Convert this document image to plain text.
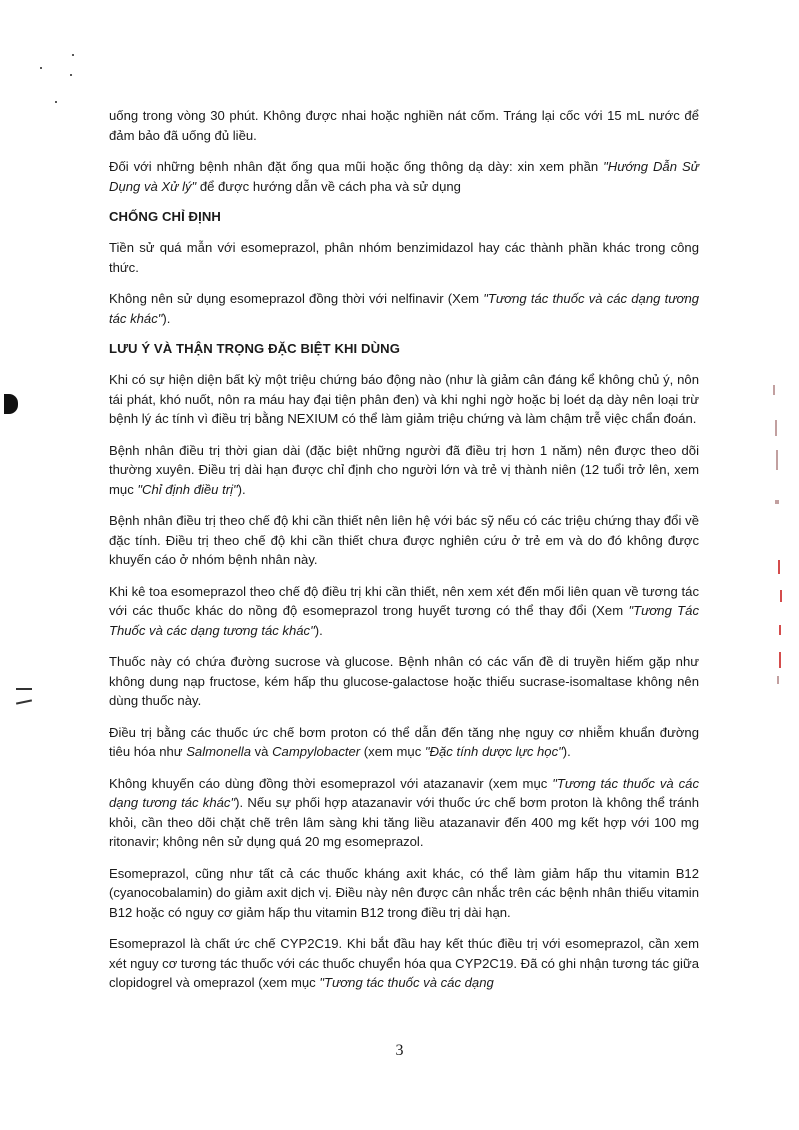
uống trong vòng 30 phút. Không được nhai hoặc nghiền nát cốm. Tráng lại cốc với 15 mL nước để đảm bảo đã uống đủ liều.

Đối với những bệnh nhân đặt ống qua mũi hoặc ống thông dạ dày: xin xem phần "Hướng Dẫn Sử Dụng và Xử lý" để được hướng dẫn về cách pha và sử dụng

CHỐNG CHỈ ĐỊNH

Tiền sử quá mẫn với esomeprazol, phân nhóm benzimidazol hay các thành phần khác trong công thức.

Không nên sử dụng esomeprazol đồng thời với nelfinavir (Xem "Tương tác thuốc và các dạng tương tác khác").

LƯU Ý VÀ THẬN TRỌNG ĐẶC BIỆT KHI DÙNG

Khi có sự hiện diện bất kỳ một triệu chứng báo động nào (như là giảm cân đáng kể không chủ ý, nôn tái phát, khó nuốt, nôn ra máu hay đại tiện phân đen) và khi nghi ngờ hoặc bị loét dạ dày nên loại trừ bệnh lý ác tính vì điều trị bằng NEXIUM có thể làm giảm triệu chứng và làm chậm trễ việc chẩn đoán.

Bệnh nhân điều trị thời gian dài (đặc biệt những người đã điều trị hơn 1 năm) nên được theo dõi thường xuyên. Điều trị dài hạn được chỉ định cho người lớn và trẻ vị thành niên (12 tuổi trở lên, xem mục "Chỉ định điều trị").

Bệnh nhân điều trị theo chế độ khi cần thiết nên liên hệ với bác sỹ nếu có các triệu chứng thay đổi về đặc tính. Điều trị theo chế độ khi cần thiết chưa được nghiên cứu ở trẻ em và do đó không được khuyến cáo ở nhóm bệnh nhân này.

Khi kê toa esomeprazol theo chế độ điều trị khi cần thiết, nên xem xét đến mối liên quan về tương tác với các thuốc khác do nồng độ esomeprazol trong huyết tương có thể thay đổi (Xem "Tương Tác Thuốc và các dạng tương tác khác").

Thuốc này có chứa đường sucrose và glucose. Bệnh nhân có các vấn đề di truyền hiếm gặp như không dung nạp fructose, kém hấp thu glucose-galactose hoặc thiếu sucrase-isomaltase không nên dùng thuốc này.

Điều trị bằng các thuốc ức chế bơm proton có thể dẫn đến tăng nhẹ nguy cơ nhiễm khuẩn đường tiêu hóa như Salmonella và Campylobacter (xem mục "Đặc tính dược lực học").

Không khuyến cáo dùng đồng thời esomeprazol với atazanavir (xem mục "Tương tác thuốc và các dạng tương tác khác"). Nếu sự phối hợp atazanavir với thuốc ức chế bơm proton là không thể tránh khỏi, cần theo dõi chặt chẽ trên lâm sàng khi tăng liều atazanavir đến 400 mg kết hợp với 100 mg ritonavir; không nên sử dụng quá 20 mg esomeprazol.

Esomeprazol, cũng như tất cả các thuốc kháng axit khác, có thể làm giảm hấp thu vitamin B12 (cyanocobalamin) do giảm axit dịch vị. Điều này nên được cân nhắc trên các bệnh nhân thiếu vitamin B12 hoặc có nguy cơ giảm hấp thu vitamin B12 trong điều trị dài hạn.

Esomeprazol là chất ức chế CYP2C19. Khi bắt đầu hay kết thúc điều trị với esomeprazol, cần xem xét nguy cơ tương tác thuốc với các thuốc chuyển hóa qua CYP2C19. Đã có ghi nhận tương tác giữa clopidogrel và omeprazol (xem mục "Tương tác thuốc và các dạng

3
